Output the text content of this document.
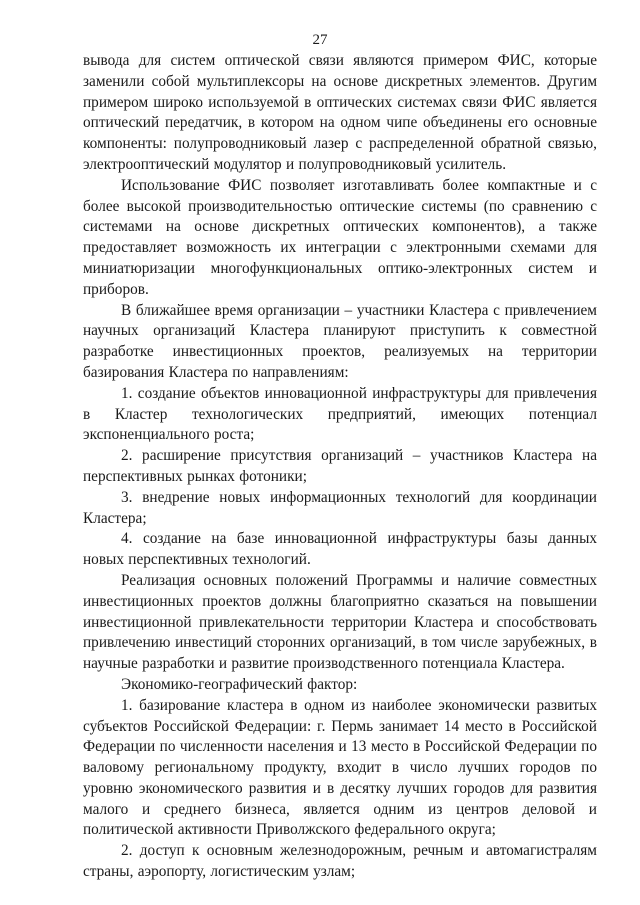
27

вывода для систем оптической связи являются примером ФИС, которые заменили собой мультиплексоры на основе дискретных элементов. Другим примером широко используемой в оптических системах связи ФИС является оптический передатчик, в котором на одном чипе объединены его основные компоненты: полупроводниковый лазер с распределенной обратной связью, электрооптический модулятор и полупроводниковый усилитель.

Использование ФИС позволяет изготавливать более компактные и с более высокой производительностью оптические системы (по сравнению с системами на основе дискретных оптических компонентов), а также предоставляет возможность их интеграции с электронными схемами для миниатюризации многофункциональных оптико-электронных систем и приборов.

В ближайшее время организации – участники Кластера с привлечением научных организаций Кластера планируют приступить к совместной разработке инвестиционных проектов, реализуемых на территории базирования Кластера по направлениям:

1. создание объектов инновационной инфраструктуры для привлечения в Кластер технологических предприятий, имеющих потенциал экспоненциального роста;

2. расширение присутствия организаций – участников Кластера на перспективных рынках фотоники;

3. внедрение новых информационных технологий для координации Кластера;

4. создание на базе инновационной инфраструктуры базы данных новых перспективных технологий.

Реализация основных положений Программы и наличие совместных инвестиционных проектов должны благоприятно сказаться на повышении инвестиционной привлекательности территории Кластера и способствовать привлечению инвестиций сторонних организаций, в том числе зарубежных, в научные разработки и развитие производственного потенциала Кластера.

Экономико-географический фактор:

1. базирование кластера в одном из наиболее экономически развитых субъектов Российской Федерации: г. Пермь занимает 14 место в Российской Федерации по численности населения и 13 место в Российской Федерации по валовому региональному продукту, входит в число лучших городов по уровню экономического развития и в десятку лучших городов для развития малого и среднего бизнеса, является одним из центров деловой и политической активности Приволжского федерального округа;

2. доступ к основным железнодорожным, речным и автомагистралям страны, аэропорту, логистическим узлам;
